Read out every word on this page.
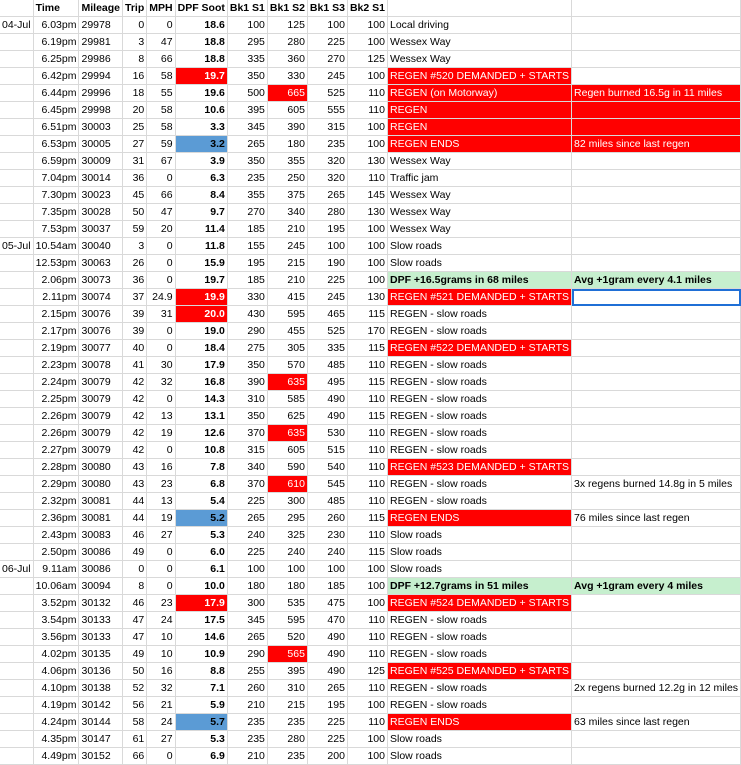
	Time	Mileage	Trip	MPH	DPF Soot	Bk1 S1	Bk1 S2	Bk1 S3	Bk2 S1		
04-Jul	6.03pm	29978	0	0	18.6	100	125	100	100	Local driving	
	6.19pm	29981	3	47	18.8	295	280	225	100	Wessex Way	
	6.25pm	29986	8	66	18.8	335	360	270	125	Wessex Way	
	6.42pm	29994	16	58	19.7	350	330	245	100	REGEN #520 DEMANDED + STARTS	
	6.44pm	29996	18	55	19.6	500	665	525	110	REGEN (on Motorway)	Regen burned 16.5g in 11 miles
	6.45pm	29998	20	58	10.6	395	605	555	110	REGEN	
	6.51pm	30003	25	58	3.3	345	390	315	100	REGEN	
	6.53pm	30005	27	59	3.2	265	180	235	100	REGEN ENDS	82 miles since last regen
	6.59pm	30009	31	67	3.9	350	355	320	130	Wessex Way	
	7.04pm	30014	36	0	6.3	235	250	320	110	Traffic jam	
	7.30pm	30023	45	66	8.4	355	375	265	145	Wessex Way	
	7.35pm	30028	50	47	9.7	270	340	280	130	Wessex Way	
	7.53pm	30037	59	20	11.4	185	210	195	100	Wessex Way	
05-Jul	10.54am	30040	3	0	11.8	155	245	100	100	Slow roads	
	12.53pm	30063	26	0	15.9	195	215	190	100	Slow roads	
	2.06pm	30073	36	0	19.7	185	210	225	100	DPF +16.5grams in 68 miles	Avg +1gram every 4.1 miles
	2.11pm	30074	37	24.9	19.9	330	415	245	130	REGEN #521 DEMANDED + STARTS	
	2.15pm	30076	39	31	20.0	430	595	465	115	REGEN - slow roads	
	2.17pm	30076	39	0	19.0	290	455	525	170	REGEN - slow roads	
	2.19pm	30077	40	0	18.4	275	305	335	115	REGEN #522 DEMANDED + STARTS	
	2.23pm	30078	41	30	17.9	350	570	485	110	REGEN - slow roads	
	2.24pm	30079	42	32	16.8	390	635	495	115	REGEN - slow roads	
	2.25pm	30079	42	0	14.3	310	585	490	110	REGEN - slow roads	
	2.26pm	30079	42	13	13.1	350	625	490	115	REGEN - slow roads	
	2.26pm	30079	42	19	12.6	370	635	530	110	REGEN - slow roads	
	2.27pm	30079	42	0	10.8	315	605	515	110	REGEN - slow roads	
	2.28pm	30080	43	16	7.8	340	590	540	110	REGEN #523 DEMANDED + STARTS	
	2.29pm	30080	43	23	6.8	370	610	545	110	REGEN - slow roads	3x regens burned 14.8g in 5 miles
	2.32pm	30081	44	13	5.4	225	300	485	110	REGEN - slow roads	
	2.36pm	30081	44	19	5.2	265	295	260	115	REGEN ENDS	76 miles since last regen
	2.43pm	30083	46	27	5.3	240	325	230	110	Slow roads	
	2.50pm	30086	49	0	6.0	225	240	240	115	Slow roads	
06-Jul	9.11am	30086	0	0	6.1	100	100	100	100	Slow roads	
	10.06am	30094	8	0	10.0	180	180	185	100	DPF +12.7grams in 51 miles	Avg +1gram every 4 miles
	3.52pm	30132	46	23	17.9	300	535	475	100	REGEN #524 DEMANDED + STARTS	
	3.54pm	30133	47	24	17.5	345	595	470	110	REGEN - slow roads	
	3.56pm	30133	47	10	14.6	265	520	490	110	REGEN - slow roads	
	4.02pm	30135	49	10	10.9	290	565	490	110	REGEN - slow roads	
	4.06pm	30136	50	16	8.8	255	395	490	125	REGEN #525 DEMANDED + STARTS	
	4.10pm	30138	52	32	7.1	260	310	265	110	REGEN - slow roads	2x regens burned 12.2g in 12 miles
	4.19pm	30142	56	21	5.9	210	215	195	100	REGEN - slow roads	
	4.24pm	30144	58	24	5.7	235	235	225	110	REGEN ENDS	63 miles since last regen
	4.35pm	30147	61	27	5.3	235	280	225	100	Slow roads	
	4.49pm	30152	66	0	6.9	210	235	200	100	Slow roads	
